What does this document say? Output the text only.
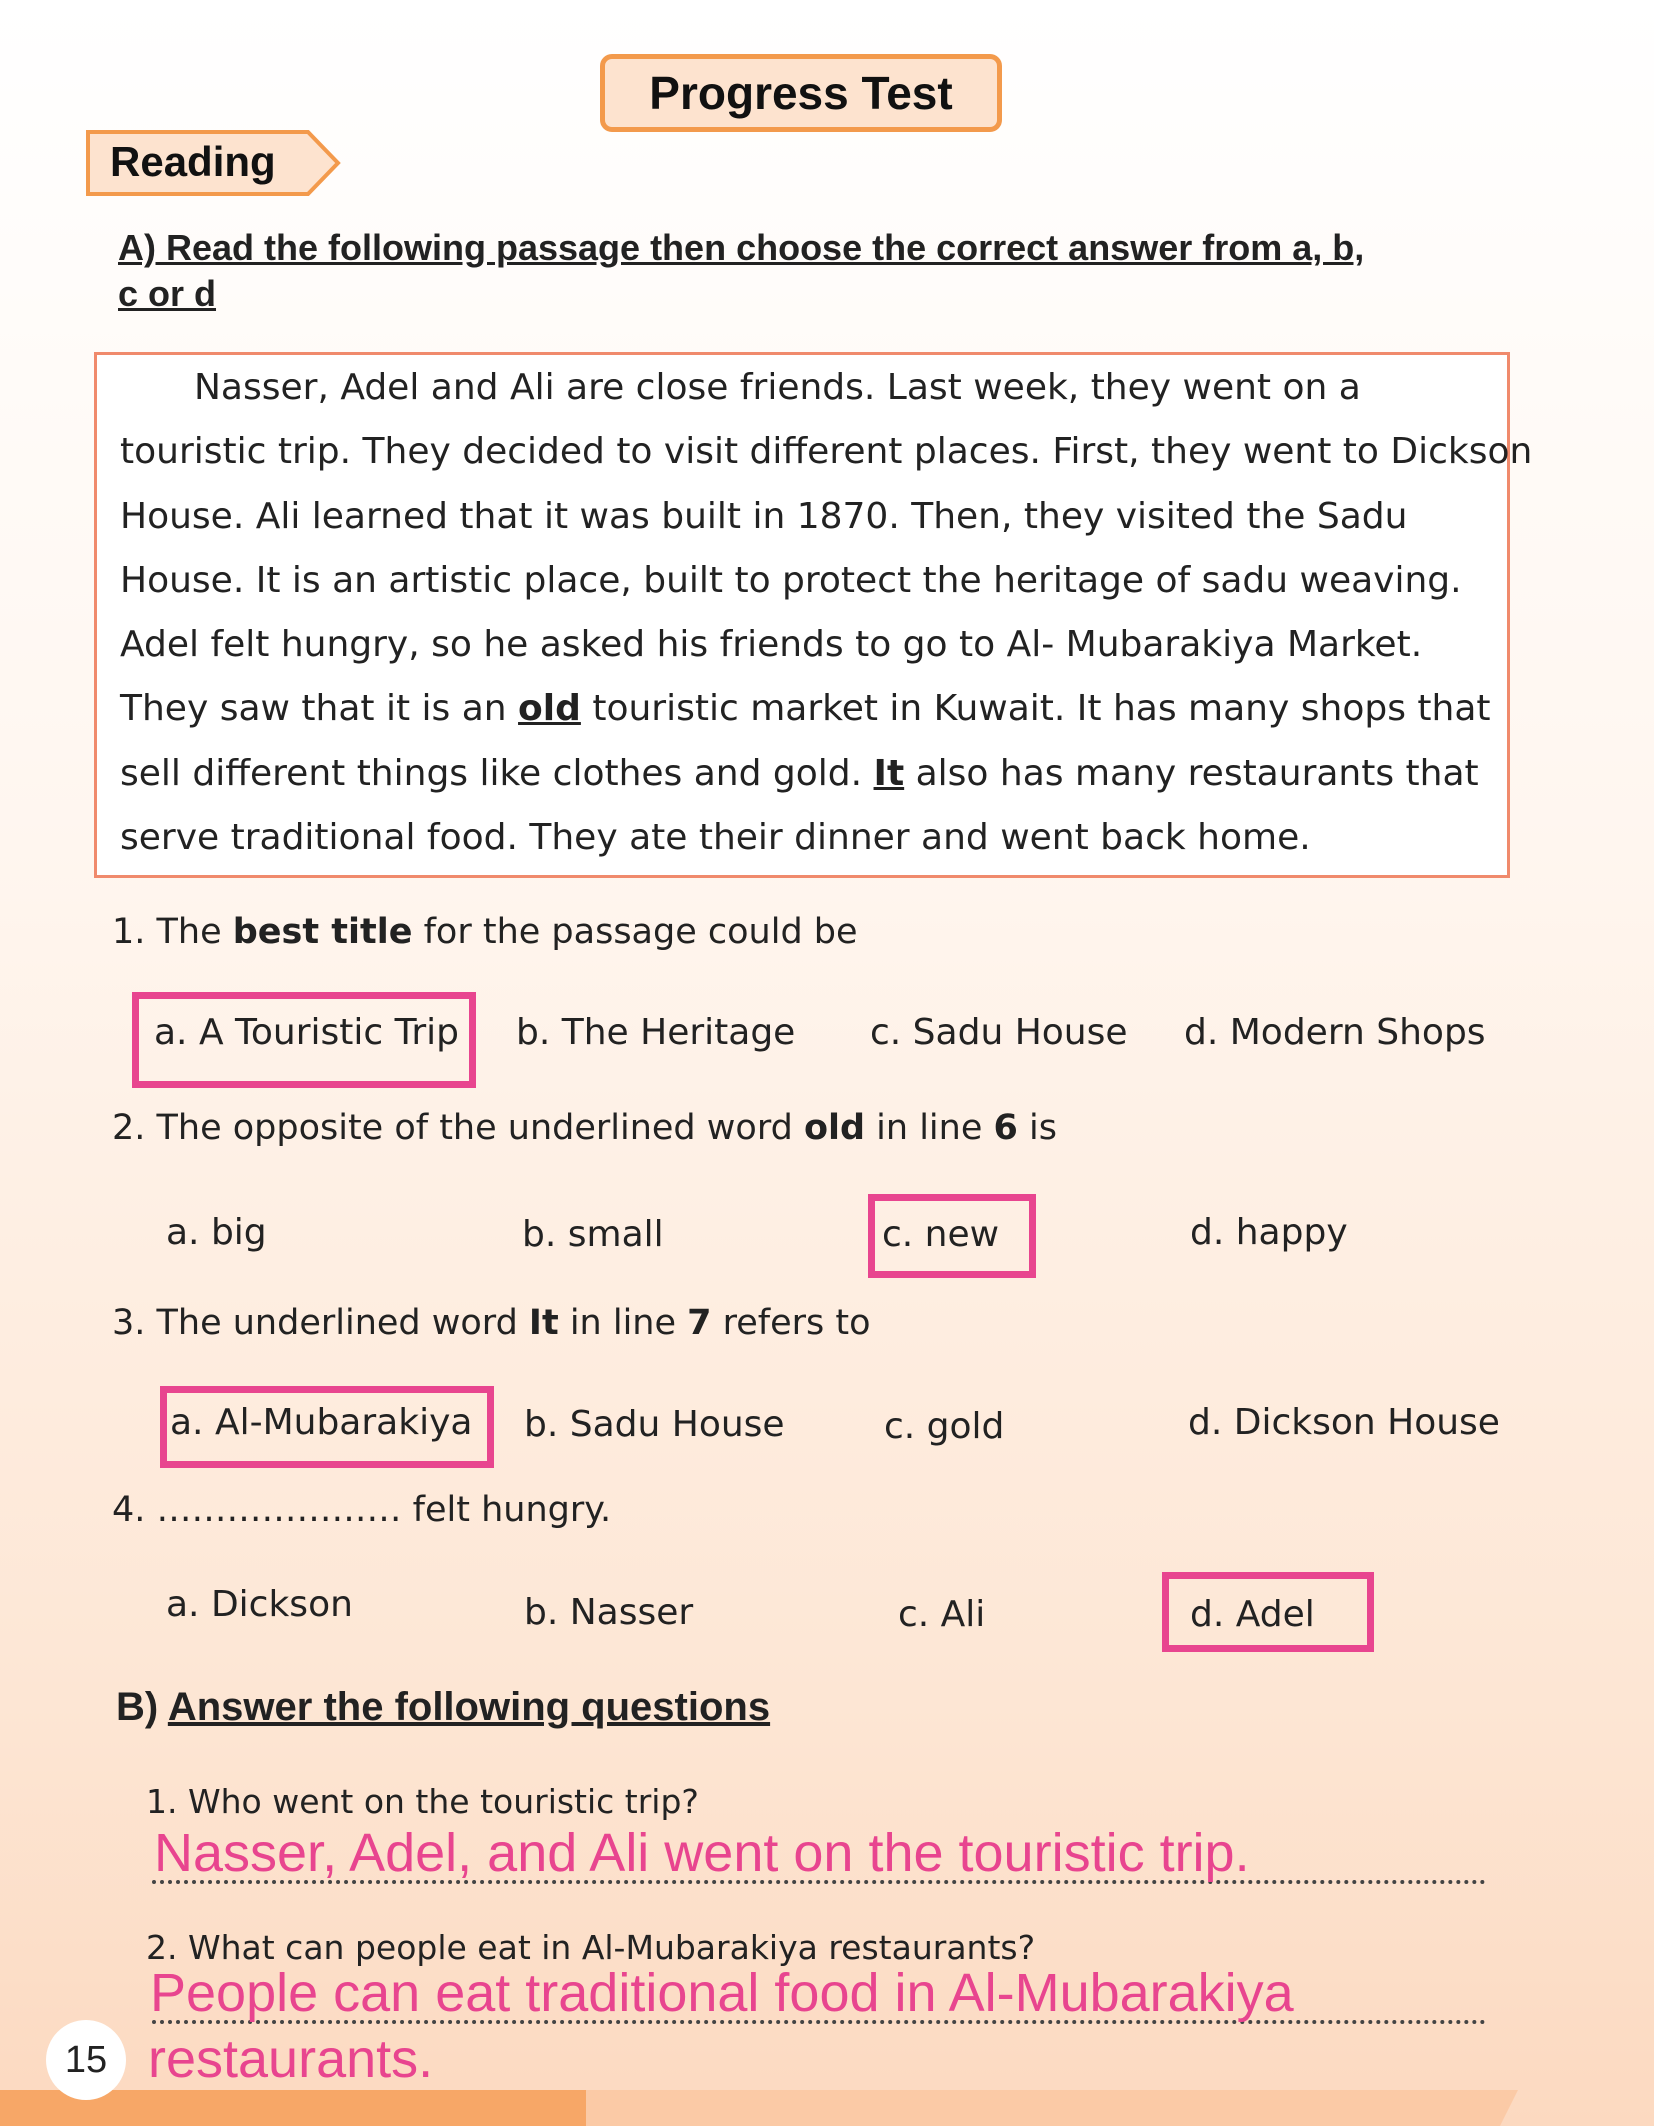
Progress Test
Reading
A) Read the following passage then choose the correct answer from a, b,
c or d
Nasser, Adel and Ali are close friends. Last week, they went on a
touristic trip. They decided to visit different places. First, they went to Dickson
House. Ali learned that it was built in 1870. Then, they visited the Sadu
House. It is an artistic place, built to protect the heritage of sadu weaving.
Adel felt hungry, so he asked his friends to go to Al- Mubarakiya Market.
They saw that it is an old touristic market in Kuwait. It has many shops that
sell different things like clothes and gold. It also has many restaurants that
serve traditional food. They ate their dinner and went back home.
1. The best title for the passage could be
a. A Touristic Trip b. The Heritage c. Sadu House d. Modern Shops
2. The opposite of the underlined word old in line 6 is
a. big	b. small	c. new	d. happy
3. The underlined word It in line 7 refers to
a. Al-Mubarakiya b. Sadu House	c. gold	d. Dickson House
4. ………………… felt hungry.
a. Dickson	b. Nasser	c. Ali	d. Adel
B) Answer the following questions
1. Who went on the touristic trip?
Nasser, Adel, and Ali went on the touristic trip.
2. What can people eat in Al-Mubarakiya restaurants?
People can eat traditional food in Al-Mubarakiya
restaurants.
15
